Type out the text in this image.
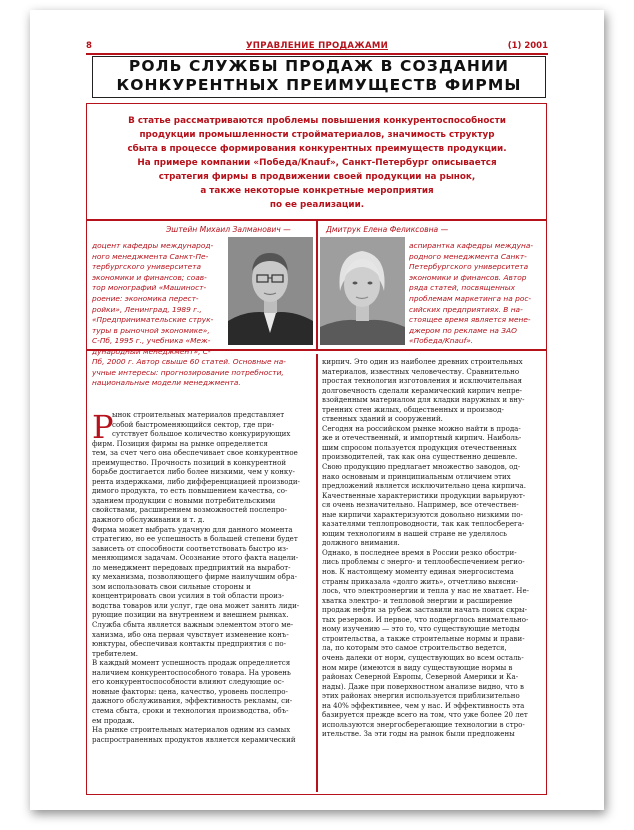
8	УПРАВЛЕНИЕ ПРОДАЖАМИ	(1) 2001
РОЛЬ СЛУЖБЫ ПРОДАЖ В СОЗДАНИИ
КОНКУРЕНТНЫХ ПРЕИМУЩЕСТВ ФИРМЫ
В статье рассматриваются проблемы повышения конкурентоспособности
продукции промышленности стройматериалов, значимость структур
сбыта в процессе формирования конкурентных преимуществ продукции.
На примере компании «Победа/Knauf», Санкт-Петербург описывается
стратегия фирмы в продвижении своей продукции на рынок,
а также некоторые конкретные мероприятия
по ее реализации.
Эштейн Михаил Залманович —	Дмитрук Елена Феликсовна —
доцент кафедры международ-
ного менеджмента Санкт-Пе-
тербургского университета
экономики и финансов; соав-
тор монографий «Машиност-
роение: экономика перест-
ройки», Ленинград, 1989 г.,
«Предпринимательские струк-
туры в рыночной экономике»,
С-Пб, 1995 г., учебника «Меж-
дународный менеджмент», С-
Пб, 2000 г. Автор свыше 60 статей. Основные на-
учные интересы: прогнозирование потребности,
национальные модели менеджмента.
аспирантка кафедры междуна-
родного менеджмента Санкт-
Петербургского университета
экономики и финансов. Автор
ряда статей, посвященных
проблемам маркетинга на рос-
сийских предприятиях. В на-
стоящее время является мене-
джером по рекламе на ЗАО
«Победа/Knauf».
Р
ынок строительных материалов представляет
собой быстроменяющийся сектор, где при-
сутствует большое количество конкурирующих
фирм. Позиция фирмы на рынке определяется
тем, за счет чего она обеспечивает свое конкурентное
преимущество. Прочность позиций в конкурентной
борьбе достигается либо более низкими, чем у конку-
рента издержками, либо дифференциацией производи-
димого продукта, то есть повышением качества, со-
зданием продукции с новыми потребительскими
свойствами, расширением возможностей послепро-
дажного обслуживания и т. д.
Фирма может выбрать удачную для данного момента
стратегию, но ее успешность в большей степени будет
зависеть от способности соответствовать быстро из-
меняющимся задачам. Осознание этого факта нацели-
ло менеджмент передовых предприятий на выработ-
ку механизма, позволяющего фирме наилучшим обра-
зом использовать свои сильные стороны и
концентрировать свои усилия в той области произ-
водства товаров или услуг, где она может занять лиди-
рующие позиции на внутреннем и внешнем рынках.
Служба сбыта является важным элементом этого ме-
ханизма, ибо она первая чувствует изменение конъ-
юнктуры, обеспечивая контакты предприятия с по-
требителем.
В каждый момент успешность продаж определяется
наличием конкурентоспособного товара. На уровень
его конкурентоспособности влияют следующие ос-
новные факторы: цена, качество, уровень послепро-
дажного обслуживания, эффективность рекламы, си-
стема сбыта, сроки и технология производства, объ-
ем продаж.
На рынке строительных материалов одним из самых
распространенных продуктов является керамический
кирпич. Это один из наиболее древних строительных
материалов, известных человечеству. Сравнительно
простая технология изготовления и исключительная
долговечность сделали керамический кирпич непре-
взойденным материалом для кладки наружных и вну-
тренних стен жилых, общественных и производ-
ственных зданий и сооружений.
Сегодня на российском рынке можно найти в прода-
же и отечественный, и импортный кирпич. Наиболь-
шим спросом пользуется продукция отечественных
производителей, так как она существенно дешевле.
Свою продукцию предлагает множество заводов, од-
нако основным и принципиальным отличием этих
предложений является исключительно цена кирпича.
Качественные характеристики продукции варьируют-
ся очень незначительно. Например, все отечествен-
ные кирпичи характеризуются довольно низкими по-
казателями теплопроводности, так как теплосберега-
ющим технологиям в нашей стране не уделялось
должного внимания.
Однако, в последнее время в России резко обостри-
лись проблемы с энерго- и теплообеспечением регио-
нов. К настоящему моменту единая энергосистема
страны приказала «долго жить», отчетливо выясни-
лось, что электроэнергии и тепла у нас не хватает. Не-
хватка электро- и тепловой энергии и расширение
продаж нефти за рубеж заставили начать поиск скры-
тых резервов. И первое, что подверглось внимательно-
ному изучению — это то, что существующие методы
строительства, а также строительные нормы и прави-
ла, по которым это самое строительство ведется,
очень далеки от норм, существующих во всем осталь-
ном мире (имеются в виду существующие нормы в
районах Северной Европы, Северной Америки и Ка-
нады). Даже при поверхностном анализе видно, что в
этих районах энергия используется приблизительно
на 40% эффективнее, чем у нас. И эффективность эта
базируется прежде всего на том, что уже более 20 лет
используются энергосберегающие технологии в стро-
ительстве. За эти годы на рынок были предложены
